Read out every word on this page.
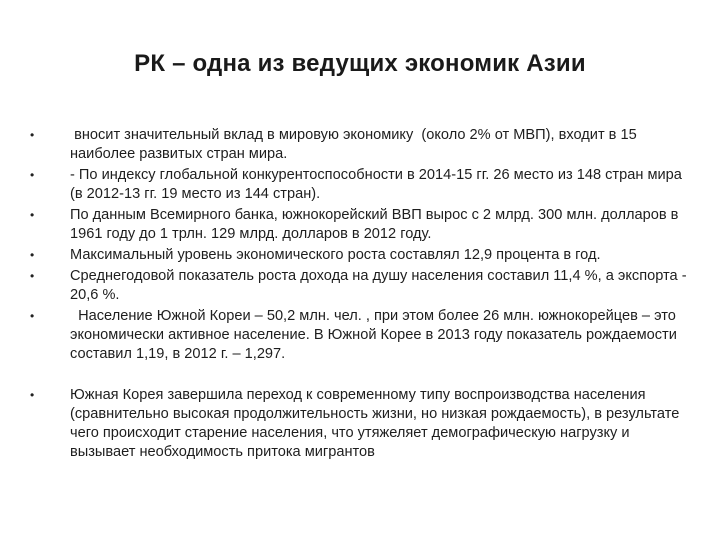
РК – одна из ведущих экономик Азии
• вносит значительный вклад в мировую экономику  (около 2% от МВП), входит в 15 наиболее развитых стран мира.
• - По индексу глобальной конкурентоспособности в 2014-15 гг. 26 место из 148 стран мира (в 2012-13 гг. 19 место из 144 стран).
• По данным Всемирного банка, южнокорейский ВВП вырос с 2 млрд. 300 млн. долларов в 1961 году до 1 трлн. 129 млрд. долларов в 2012 году.
• Максимальный уровень экономического роста составлял 12,9 процента в год.
• Среднегодовой показатель роста дохода на душу населения составил 11,4 %, а экспорта - 20,6 %.
• Население Южной Кореи – 50,2 млн. чел. , при этом более 26 млн. южнокорейцев – это экономически активное население. В Южной Корее в 2013 году показатель рождаемости составил 1,19, в 2012 г. – 1,297.
• Южная Корея завершила переход к современному типу воспроизводства населения (сравнительно высокая продолжительность жизни, но низкая рождаемость), в результате чего происходит старение населения, что утяжеляет демографическую нагрузку и вызывает необходимость притока мигрантов
